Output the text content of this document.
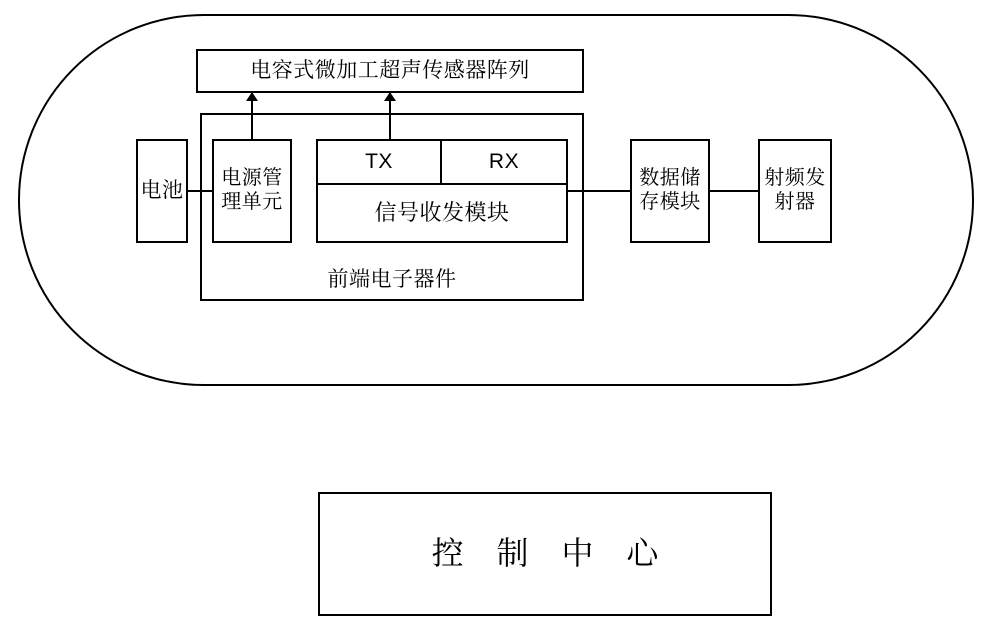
电容式微加工超声传感器阵列
前端电子器件
电池
电源管理单元
TX	RX
信号收发模块
数据储存模块
射频发射器
控 制 中 心
